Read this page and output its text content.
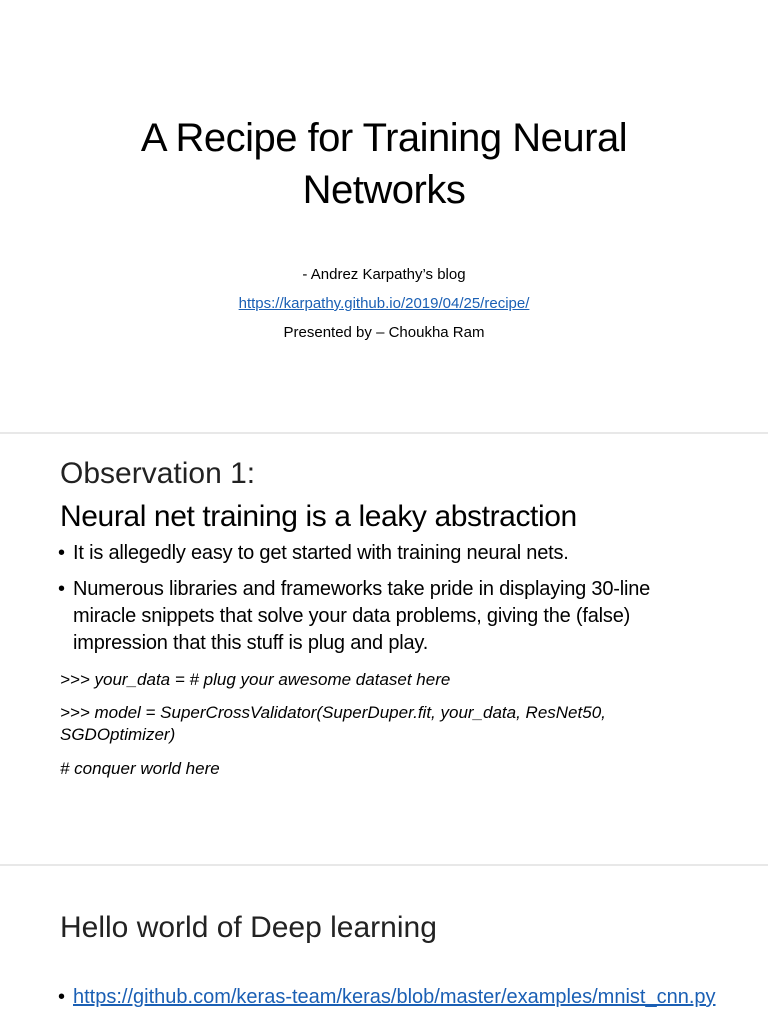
A Recipe for Training Neural
Networks
- Andrez Karpathy’s blog
https://karpathy.github.io/2019/04/25/recipe/
Presented by – Choukha Ram
Observation 1:
Neural net training is a leaky abstraction
• It is allegedly easy to get started with training neural nets.
• Numerous libraries and frameworks take pride in displaying 30-line miracle snippets that solve your data problems, giving the (false) impression that this stuff is plug and play.
>>> your_data = # plug your awesome dataset here
>>> model = SuperCrossValidator(SuperDuper.fit, your_data, ResNet50, SGDOptimizer)
# conquer world here
Hello world of Deep learning
• https://github.com/keras-team/keras/blob/master/examples/mnist_cnn.py
